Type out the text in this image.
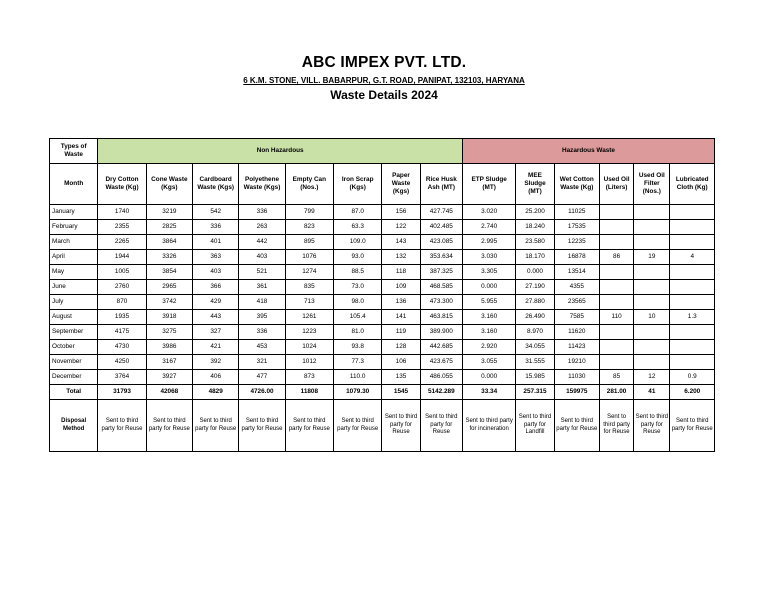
ABC IMPEX PVT. LTD.
6 K.M. STONE, VILL. BABARPUR, G.T. ROAD, PANIPAT, 132103, HARYANA
Waste Details 2024
Types of Waste	Non Hazardous								Hazardous Waste					
Month	Dry Cotton Waste (Kg)	Cone Waste (Kgs)	Cardboard Waste (Kgs)	Polyethene Waste (Kgs)	Empty Can (Nos.)	Iron Scrap (Kgs)	Paper Waste (Kgs)	Rice Husk Ash (MT)	ETP Sludge (MT)	MEE Sludge (MT)	Wet Cotton Waste (Kg)	Used Oil (Liters)	Used Oil Filter (Nos.)	Lubricated Cloth (Kg)
January	1740	3219	542	336	799	87.0	156	427.745	3.020	25.200	11025			
February	2355	2825	336	263	823	63.3	122	402.485	2.740	18.240	17535			
March	2265	3864	401	442	895	109.0	143	423.085	2.995	23.580	12235			
April	1944	3326	363	403	1076	93.0	132	353.634	3.030	18.170	16878	86	19	4
May	1005	3854	403	521	1274	88.5	118	387.325	3.305	0.000	13514			
June	2760	2965	366	361	835	73.0	109	468.585	0.000	27.190	4355			
July	870	3742	429	418	713	98.0	136	473.300	5.955	27.880	23565			
August	1935	3918	443	395	1261	105.4	141	463.815	3.160	26.490	7585	110	10	1.3
September	4175	3275	327	336	1223	81.0	119	389.900	3.160	8.970	11620			
October	4730	3986	421	453	1024	93.8	128	442.685	2.920	34.055	11423			
November	4250	3167	392	321	1012	77.3	106	423.675	3.055	31.555	19210			
December	3764	3927	406	477	873	110.0	135	486.055	0.000	15.985	11030	85	12	0.9
Total	31793	42068	4829	4726.00	11808	1079.30	1545	5142.289	33.34	257.315	159975	281.00	41	6.200
Disposal Method	Sent to third party for Reuse	Sent to third party for Reuse	Sent to third party for Reuse	Sent to third party for Reuse	Sent to third party for Reuse	Sent to third party for Reuse	Sent to third party for Reuse	Sent to third party for Reuse	Sent to third party for incineration	Sent to third party for Landfill	Sent to third party for Reuse	Sent to third party for Reuse	Sent to third party for Reuse	Sent to third party for Reuse
